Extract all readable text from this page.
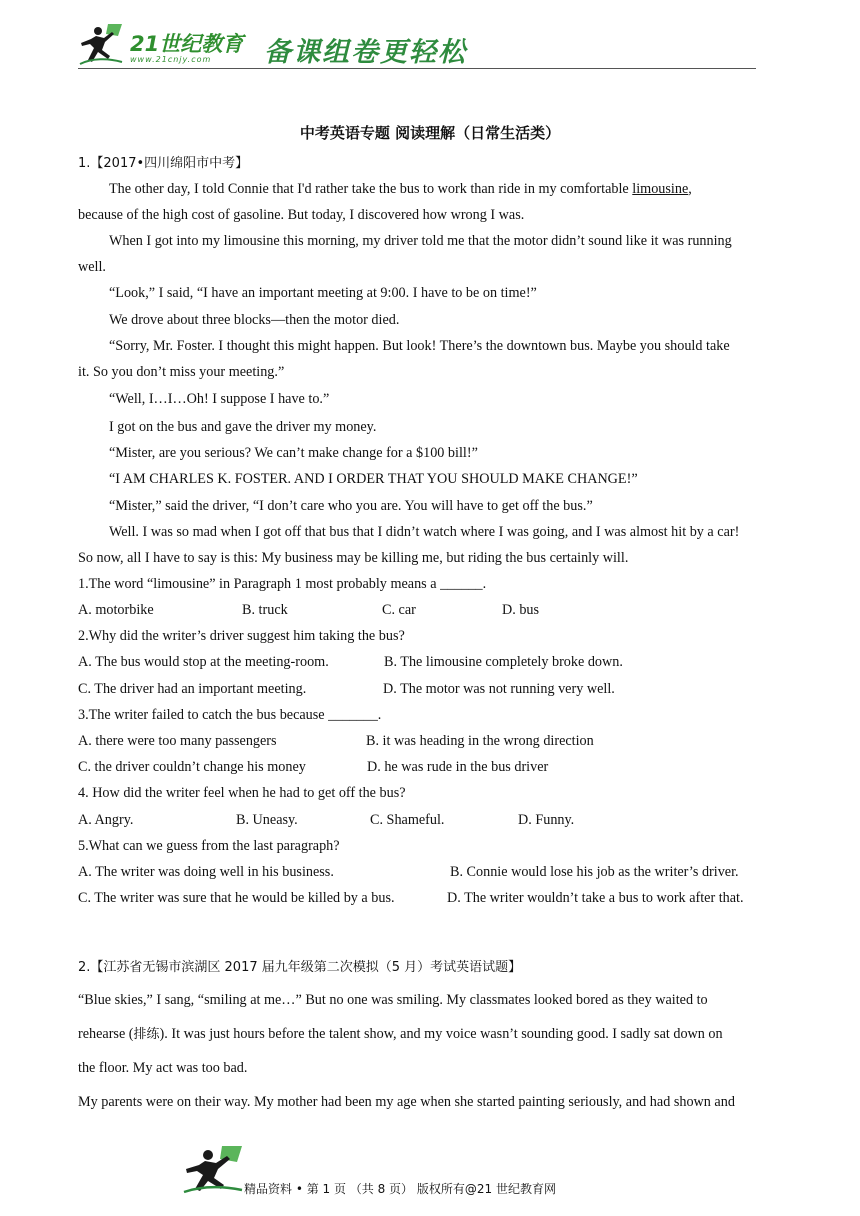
21世纪教育
www.21cnjy.com 备课组卷更轻松
中考英语专题 阅读理解（日常生活类）
1.【2017•四川绵阳市中考】
The other day, I told Connie that I'd rather take the bus to work than ride in my comfortable limousine,
because of the high cost of gasoline. But today, I discovered how wrong I was.
When I got into my limousine this morning, my driver told me that the motor didn’t sound like it was running
well.
“Look,” I said, “I have an important meeting at 9:00. I have to be on time!”
We drove about three blocks—then the motor died.
“Sorry, Mr. Foster. I thought this might happen. But look! There’s the downtown bus. Maybe you should take
it. So you don’t miss your meeting.”
“Well, I…I…Oh! I suppose I have to.”
I got on the bus and gave the driver my money.
“Mister, are you serious? We can’t make change for a $100 bill!”
“I AM CHARLES K. FOSTER. AND I ORDER THAT YOU SHOULD MAKE CHANGE!”
“Mister,” said the driver, “I don’t care who you are. You will have to get off the bus.”
Well. I was so mad when I got off that bus that I didn’t watch where I was going, and I was almost hit by a car!
So now, all I have to say is this: My business may be killing me, but riding the bus certainly will.
1.The word “limousine” in Paragraph 1 most probably means a ______.
A. motorbike	B. truck	C. car	D. bus
2.Why did the writer’s driver suggest him taking the bus?
A. The bus would stop at the meeting-room.	B. The limousine completely broke down.
C. The driver had an important meeting.	D. The motor was not running very well.
3.The writer failed to catch the bus because _______.
A. there were too many passengers	B. it was heading in the wrong direction
C. the driver couldn’t change his money	D. he was rude in the bus driver
4. How did the writer feel when he had to get off the bus?
A. Angry.	B. Uneasy.	C. Shameful.	D. Funny.
5.What can we guess from the last paragraph?
A. The writer was doing well in his business.	B. Connie would lose his job as the writer’s driver.
C. The writer was sure that he would be killed by a bus.	D. The writer wouldn’t take a bus to work after that.
2.【江苏省无锡市滨湖区 2017 届九年级第二次模拟（5 月）考试英语试题】
“Blue skies,” I sang, “smiling at me…” But no one was smiling. My classmates looked bored as they waited to
rehearse (排练). It was just hours before the talent show, and my voice wasn’t sounding good. I sadly sat down on
the floor. My act was too bad.
My parents were on their way. My mother had been my age when she started painting seriously, and had shown and
精品资料 • 第 1 页 （共 8 页） 版权所有@21 世纪教育网
